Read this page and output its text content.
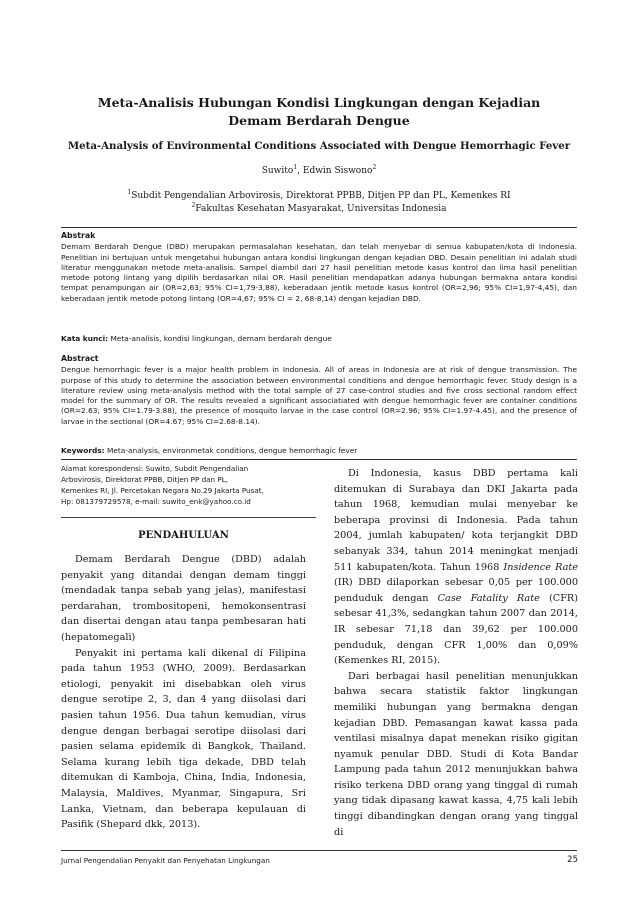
Meta-Analisis Hubungan Kondisi Lingkungan dengan Kejadian
Demam Berdarah Dengue
Meta-Analysis of Environmental Conditions Associated with Dengue Hemorrhagic Fever
Suwito$^1$, Edwin Siswono$^2$
$^1$Subdit Pengendalian Arbovirosis, Direktorat PPBB, Ditjen PP dan PL, Kemenkes RI
$^2$Fakultas Kesehatan Masyarakat, Universitas Indonesia
Abstrak
Demam Berdarah Dengue (DBD) merupakan permasalahan kesehatan, dan telah menyebar di semua kabupaten/kota di Indonesia. Penelitian ini bertujuan untuk mengetahui hubungan antara kondisi lingkungan dengan kejadian DBD. Desain penelitian ini adalah studi literatur menggunakan metode meta-analisis. Sampel diambil dari 27 hasil penelitian metode kasus kontrol dan lima hasil penelitian metode potong lintang yang dipilih berdasarkan nilai OR. Hasil penelitian mendapatkan adanya hubungan bermakna antara kondisi tempat penampungan air (OR=2,63; 95% CI=1,79-3,88), keberadaan jentik metode kasus kontrol (OR=2,96; 95% CI=1,97-4,45), dan keberadaan jentik metode potong lintang (OR=4,67; 95% CI = 2, 68-8,14) dengan kejadian DBD.
Kata kunci: Meta-analisis, kondisi lingkungan, demam berdarah dengue
Abstract
Dengue hemorrhagic fever is a major health problem in Indonesia. All of areas in Indonesia are at risk of dengue transmission. The purpose of this study to determine the association between environmental conditions and dengue hemorrhagic fever. Study design is a literature review using meta-analysis method with the total sample of 27 case-control studies and five cross sectional random effect model for the summary of OR. The results revealed a significant associatiated with dengue hemorrhagic fever are container conditions (OR=2.63; 95% CI=1.79-3.88), the presence of mosquito larvae in the case control (OR=2.96; 95% CI=1.97-4.45), and the presence of larvae in the sectional (OR=4.67; 95% CI=2.68-8.14).
Keywords: Meta-analysis, environmetak conditions, dengue hemorrhagic fever
Alamat korespondensi: Suwito, Subdit Pengendalian
Arbovirosis, Direktorat PPBB, Ditjen PP dan PL,
Kemenkes RI, Jl. Percetakan Negara No.29 Jakarta Pusat,
Hp: 081379729578, e-mail: suwito_enk@yahoo.co.id
PENDAHULUAN

Demam Berdarah Dengue (DBD) adalah penyakit yang ditandai dengan demam tinggi (mendadak tanpa sebab yang jelas), manifestasi perdarahan, trombositopeni, hemokonsentrasi dan disertai dengan atau tanpa pembesaran hati (hepatomegali)

Penyakit ini pertama kali dikenal di Filipina pada tahun 1953 (WHO, 2009). Berdasarkan etiologi, penyakit ini disebabkan oleh virus dengue serotipe 2, 3, dan 4 yang diisolasi dari pasien tahun 1956. Dua tahun kemudian, virus dengue dengan berbagai serotipe diisolasi dari pasien selama epidemik di Bangkok, Thailand. Selama kurang lebih tiga dekade, DBD telah ditemukan di Kamboja, China, India, Indonesia, Malaysia, Maldives, Myanmar, Singapura, Sri Lanka, Vietnam, dan beberapa kepulauan di Pasifik (Shepard dkk, 2013).

Di Indonesia, kasus DBD pertama kali ditemukan di Surabaya dan DKI Jakarta pada tahun 1968, kemudian mulai menyebar ke beberapa provinsi di Indonesia. Pada tahun 2004, jumlah kabupaten/ kota terjangkit DBD sebanyak 334, tahun 2014 meningkat menjadi 511 kabupaten/kota. Tahun 1968 Insidence Rate (IR) DBD dilaporkan sebesar 0,05 per 100.000 penduduk dengan Case Fatality Rate (CFR) sebesar 41,3%, sedangkan tahun 2007 dan 2014, IR sebesar 71,18 dan 39,62 per 100.000 penduduk, dengan CFR 1,00% dan 0,09% (Kemenkes RI, 2015).

Dari berbagai hasil penelitian menunjukkan bahwa secara statistik faktor lingkungan memiliki hubungan yang bermakna dengan kejadian DBD. Pemasangan kawat kassa pada ventilasi misalnya dapat menekan risiko gigitan nyamuk penular DBD. Studi di Kota Bandar Lampung pada tahun 2012 menunjukkan bahwa risiko terkena DBD orang yang tinggal di rumah yang tidak dipasang kawat kassa, 4,75 kali lebih tinggi dibandingkan dengan orang yang tinggal di

Jurnal Pengendalian Penyakit dan Penyehatan Lingkungan	25
